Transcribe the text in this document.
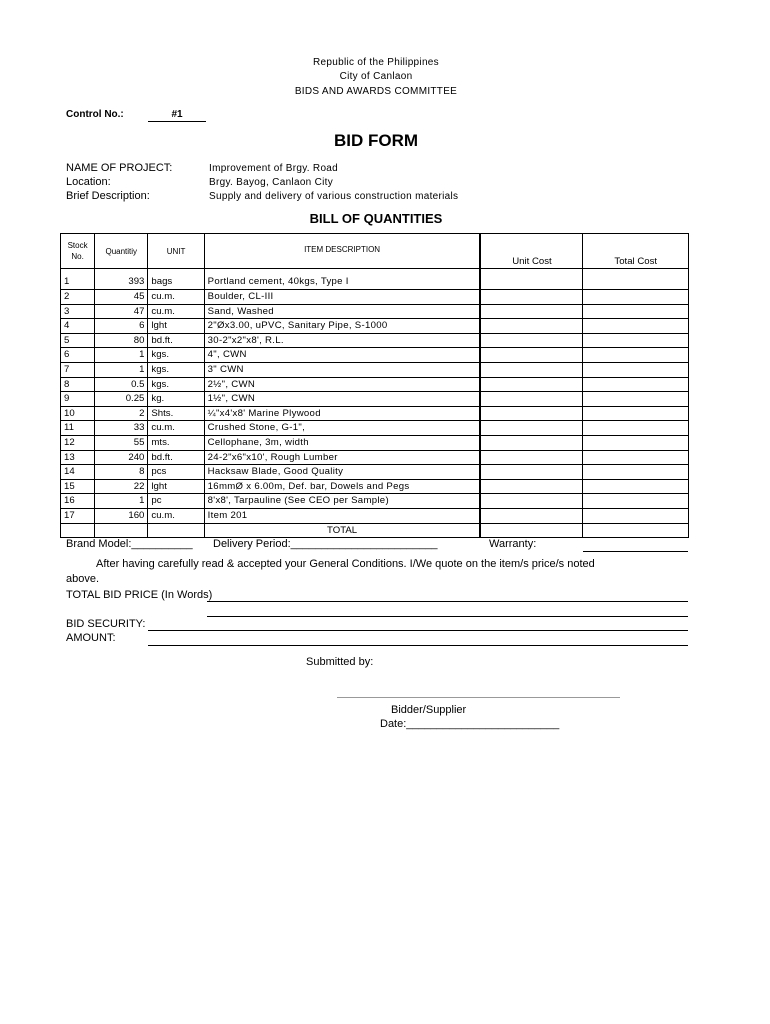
Republic of the Philippines
City of Canlaon
BIDS AND AWARDS COMMITTEE
Control No.:	#1
BID FORM
NAME OF PROJECT:	Improvement of Brgy. Road
Location:	Brgy. Bayog, Canlaon City
Brief Description:	Supply and delivery of various construction materials
BILL OF QUANTITIES
Stock No.	Quantitiy	UNIT	ITEM DESCRIPTION	Unit Cost	Total Cost
1	393	bags	Portland cement, 40kgs, Type I		
2	45	cu.m.	Boulder, CL-III		
3	47	cu.m.	Sand, Washed		
4	6	lght	2"Øx3.00, uPVC, Sanitary Pipe, S-1000		
5	80	bd.ft.	30-2"x2"x8', R.L.		
6	1	kgs.	4", CWN		
7	1	kgs.	3" CWN		
8	0.5	kgs.	2½", CWN		
9	0.25	kg.	1½", CWN		
10	2	Shts.	¼"x4'x8' Marine Plywood		
11	33	cu.m.	Crushed Stone, G-1",		
12	55	mts.	Cellophane, 3m, width		
13	240	bd.ft.	24-2"x6"x10', Rough Lumber		
14	8	pcs	Hacksaw Blade, Good Quality		
15	22	lght	16mmØ x 6.00m, Def. bar, Dowels and Pegs		
16	1	pc	8'x8', Tarpauline (See CEO per Sample)		
17	160	cu.m.	Item 201		
			TOTAL		
Brand Model:__________ Delivery Period:________________________	Warranty:
After having carefully read & accepted your General Conditions. I/We quote on the item/s price/s noted
above.
TOTAL BID PRICE (In Words)
BID SECURITY:
AMOUNT:
Submitted by:
Bidder/Supplier
Date:_________________________
